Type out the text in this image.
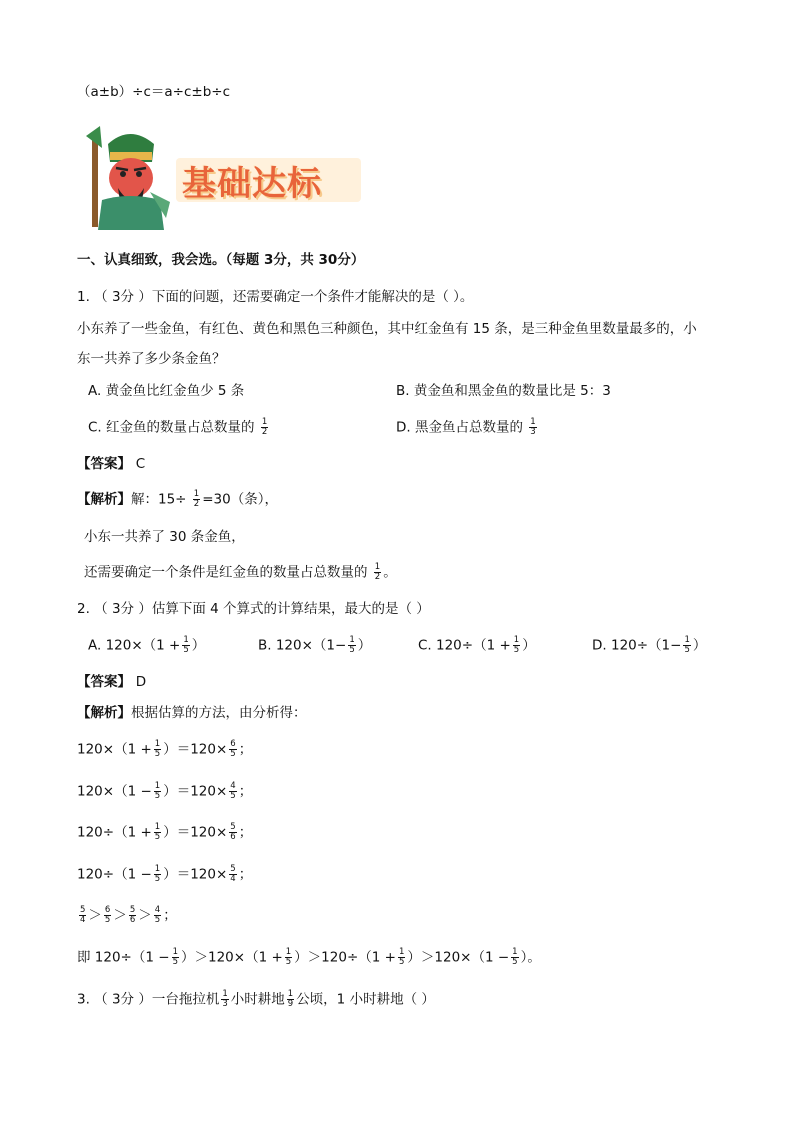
（a±b）÷c＝a÷c±b÷c
基础达标
一、认真细致，我会选。（每题 3分，共 30分）
1. （ 3分 ）下面的问题，还需要确定一个条件才能解决的是（ ）。
小东养了一些金鱼，有红色、黄色和黑色三种颜色，其中红金鱼有 15 条，是三种金鱼里数量最多的，小
东一共养了多少条金鱼？
A. 黄金鱼比红金鱼少 5 条	B. 黄金鱼和黑金鱼的数量比是 5：3
C. 红金鱼的数量占总数量的 $\frac{1}{2}$	D. 黑金鱼占总数量的 $\frac{1}{3}$
【答案】 C
【解析】解：$15\div \frac{1}{2} =30$（条），
小东一共养了 30 条金鱼，
还需要确定一个条件是红金鱼的数量占总数量的 $\frac{1}{2}$ 。
2. （ 3分 ）估算下面 4 个算式的计算结果，最大的是（ ）
A. $120\times(1 + \frac{1}{5}$ ）	B. $120\times(1- \frac{1}{5}$ ）	C. $120\div(1 + \frac{1}{5}$ ）	D. $120\div(1- \frac{1}{5}$ ）
【答案】 D
【解析】根据估算的方法，由分析得：
$120\times(1 + \frac{1}{5} )=120\times \frac{6}{5}$ ；
$120\times(1 - \frac{1}{5} )=120\times \frac{4}{5}$ ；
$120\div(1 + \frac{1}{5} )=120\times \frac{5}{6}$ ；
$120\div(1 - \frac{1}{5} )=120\times \frac{5}{4}$ ；
$\frac{5}{4} > \frac{6}{5} > \frac{5}{6} > \frac{4}{5}$ ；
即 $120\div(1 - \frac{1}{5} )>120\times(1 + \frac{1}{5} )>120\div(1 + \frac{1}{5} )>120\times(1 - \frac{1}{5}$ ）。
3. （ 3分 ）一台拖拉机 $\frac{1}{3}$ 小时耕地 $\frac{1}{9}$ 公顷，1 小时耕地（ ）
